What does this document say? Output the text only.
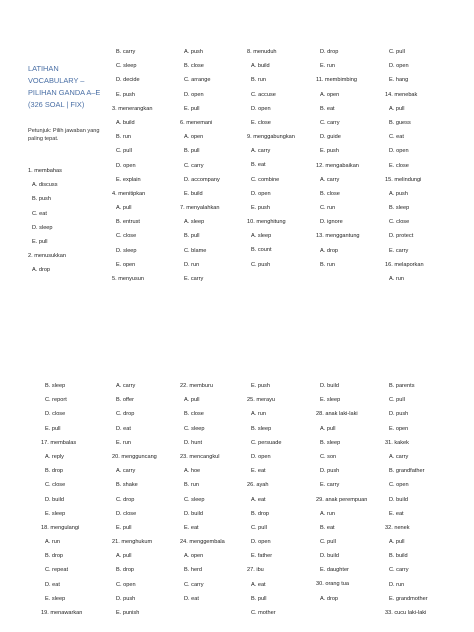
LATIHAN VOCABULARY – PILIHAN GANDA A–E (326 SOAL | FIX)
Petunjuk: Pilih jawaban yang paling tepat.
1. membahas
A. discuss
B. push
C. eat
D. sleep
E. pull
2. menusukkan
A. drop
B. carry
C. sleep
D. decide
E. push
3. menerangkan
A. build
B. run
C. pull
D. open
E. explain
4. menitipkan
A. pull
B. entrust
C. close
D. sleep
E. open
5. menyusun
A. push
B. close
C. arrange
D. open
E. pull
6. menemani
A. open
B. pull
C. carry
D. accompany
E. build
7. menyalahkan
A. sleep
B. pull
C. blame
D. run
E. carry
8. menuduh
A. build
B. run
C. accuse
D. open
E. close
9. menggabungkan
A. carry
B. eat
C. combine
D. open
E. push
10. menghitung
A. sleep
B. count
C. push
D. drop
E. run
11. membimbing
A. open
B. eat
C. carry
D. guide
E. push
12. mengabaikan
A. carry
B. close
C. run
D. ignore
13. menggantung
A. drop
B. run
C. pull
D. open
E. hang
14. menebak
A. pull
B. guess
C. eat
D. open
E. close
15. melindungi
A. push
B. sleep
C. close
D. protect
E. carry
16. melaporkan
A. run
B. sleep
C. report
D. close
E. pull
17. membalas
A. reply
B. drop
C. close
D. build
E. sleep
18. mengulangi
A. run
B. drop
C. repeat
D. eat
E. sleep
19. menawarkan
A. carry
B. offer
C. drop
D. eat
E. run
20. mengguncang
A. carry
B. shake
C. drop
D. close
E. pull
21. menghukum
A. pull
B. drop
C. open
D. push
E. punish
22. memburu
A. pull
B. close
C. sleep
D. hunt
23. mencangkul
A. hoe
B. run
C. sleep
D. build
E. eat
24. menggembala
A. open
B. herd
C. carry
D. eat
E. push
25. merayu
A. run
B. sleep
C. persuade
D. open
E. eat
26. ayah
A. eat
B. drop
C. pull
D. open
E. father
27. ibu
A. eat
B. pull
C. mother
D. build
E. sleep
28. anak laki-laki
A. pull
B. sleep
C. son
D. push
E. carry
29. anak perempuan
A. run
B. eat
C. pull
D. build
E. daughter
30. orang tua
A. drop
B. parents
C. pull
D. push
E. open
31. kakek
A. carry
B. grandfather
C. open
D. build
E. eat
32. nenek
A. pull
B. build
C. carry
D. run
E. grandmother
33. cucu laki-laki
